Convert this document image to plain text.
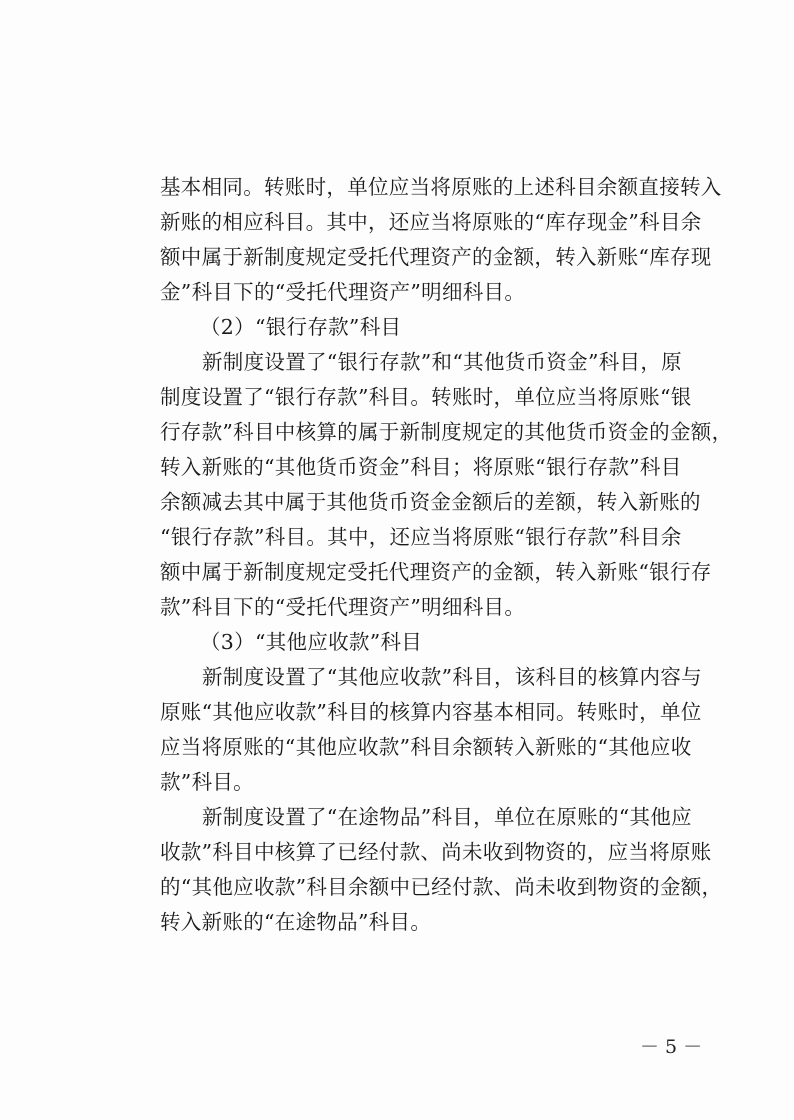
基本相同。转账时，单位应当将原账的上述科目余额直接转入
新账的相应科目。其中，还应当将原账的“库存现金”科目余
额中属于新制度规定受托代理资产的金额，转入新账“库存现
金”科目下的“受托代理资产”明细科目。
（2）“银行存款”科目
新制度设置了“银行存款”和“其他货币资金”科目，原
制度设置了“银行存款”科目。转账时，单位应当将原账“银
行存款”科目中核算的属于新制度规定的其他货币资金的金额，
转入新账的“其他货币资金”科目；将原账“银行存款”科目
余额减去其中属于其他货币资金金额后的差额，转入新账的
“银行存款”科目。其中，还应当将原账“银行存款”科目余
额中属于新制度规定受托代理资产的金额，转入新账“银行存
款”科目下的“受托代理资产”明细科目。
（3）“其他应收款”科目
新制度设置了“其他应收款”科目，该科目的核算内容与
原账“其他应收款”科目的核算内容基本相同。转账时，单位
应当将原账的“其他应收款”科目余额转入新账的“其他应收
款”科目。
新制度设置了“在途物品”科目，单位在原账的“其他应
收款”科目中核算了已经付款、尚未收到物资的，应当将原账
的“其他应收款”科目余额中已经付款、尚未收到物资的金额，
转入新账的“在途物品”科目。
－ 5 －
